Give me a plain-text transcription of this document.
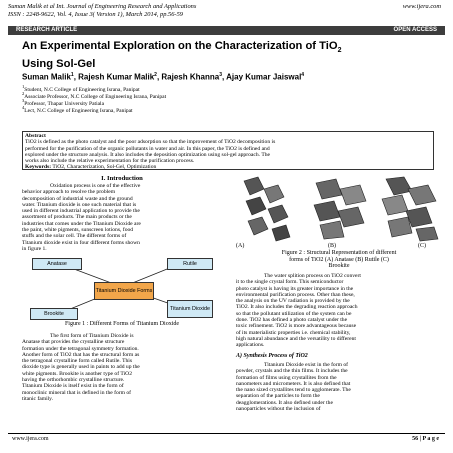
Suman Malik et al Int. Journal of Engineering Research and Applications
ISSN : 2248-9622, Vol. 4, Issue 3( Version 1), March 2014, pp.56-59
www.ijera.com
RESEARCH ARTICLE	OPEN ACCESS
An Experimental Exploration on the Characterization of TiO$_2$
Using Sol-Gel
Suman Malik$^1$, Rajesh Kumar Malik$^2$, Rajesh Khanna$^3$, Ajay Kumar Jaiswal$^4$
$^1$Student, N.C College of Engineering Israna, Panipat
$^2$Associate Professor, N.C College of Engineering Israna, Panipat
$^3$Professor, Thapar University Patiala
$^4$Lect, N.C College of Engineering Israna, Panipat
Abstract
TiO2 is defined as the photo catalyst and the poor adsorption so that the improvement of TiO2 decomposition is
performed for the purification of the organic pollutants in water and air. In this paper, the TiO2 is defined and
explored under the structure analysis. It also includes the deposition optimization using sol-gel approach. The
works also include the relative experimentation for the purification process.
Keywords: TiO2, Characterization, Sol-Gel, Optimization
I. Introduction
Oxidation process is one of the effective
behavior approach to resolve the problem
decomposition of industrial waste and the ground
water. Titanium dioxide is one such material that is
used in different industrial application to provide the
assortment of products. The main products or the
industries that comes under the Titanium Dioxide are
the paint, white pigments, sunscreen lotions, food
stuffs and the solar cell. The different forms of
Titanium dioxide exist in four different forms shown
in figure 1.
Anatase	Rutile
Titanium Dioxide Forms
Brookite
Titanium Dioxide
Figure 1 : Different Forms of Titanium Dioxide
The first form of Titanium Dioxide is
Anatase that provides the crystalline structure
formation under the tetragonal symmetry formation.
Another form of TiO2 that has the structural form as
the tetragonal crystalline form called Rutile. This
dioxide type is generally used in paints to add up the
white pigments. Brookite is another type of TiO2
having the orthorhombic crystalline structure.
Titanium Dioxide is itself exist in the form of
monoclinic mineral that is defined in the form of
titanic family.
(A)	(B)	(C)
Figure 2 : Structural Representation of different
forms of TiO2 (A) Anatase (B) Rutile (C)
Brookite
The water splition process on TiO2 convert
it to the single crystal form. This semiconductor
photo catalyst is having its greater importance in the
environmental purification process. Other than these,
the analysis on the UV radiation is provided by the
TiO2. It also includes the degrading reaction approach
so that the pollutant utilization of the system can be
done. TiO2 has defined a photo catalyst under the
toxic refinement. TiO2 is more advantageous because
of its materialistic properties i.e. chemical stability,
high natural abundance and the versatility to different
applications.
A) Synthesis Process of TiO2
Titanium Dioxide exist in the form of
powder, crystals and the thin films. It includes the
formation of films using crystallites from the
nanometers and micrometers. It is also defined that
the nano sized crystallites tend to agglomerate. The
separation of the particles to form the
deagglomerations. It also defined under the
nanoparticles without the inclusion of
www.ijera.com	56 | P a g e
